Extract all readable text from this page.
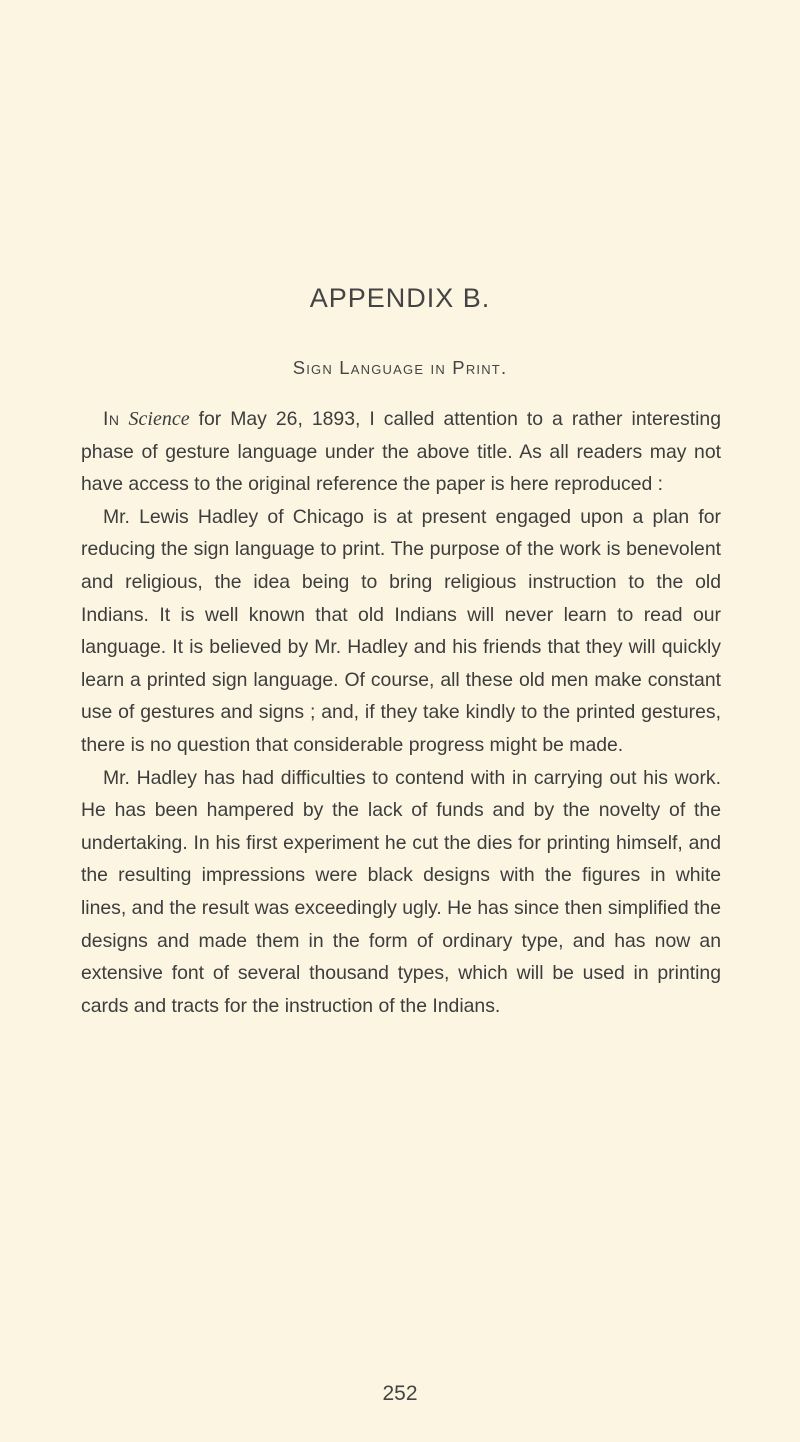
APPENDIX B.
Sign Language in Print.

In Science for May 26, 1893, I called attention to a rather interesting phase of gesture language under the above title. As all readers may not have access to the original reference the paper is here reproduced :

Mr. Lewis Hadley of Chicago is at present engaged upon a plan for reducing the sign language to print. The purpose of the work is benevolent and religious, the idea being to bring religious instruction to the old Indians. It is well known that old Indians will never learn to read our language. It is believed by Mr. Hadley and his friends that they will quickly learn a printed sign language. Of course, all these old men make constant use of gestures and signs ; and, if they take kindly to the printed gestures, there is no question that considerable progress might be made.

Mr. Hadley has had difficulties to contend with in carrying out his work. He has been hampered by the lack of funds and by the novelty of the undertaking. In his first experiment he cut the dies for printing himself, and the resulting impressions were black designs with the figures in white lines, and the result was exceedingly ugly. He has since then simplified the designs and made them in the form of ordinary type, and has now an extensive font of several thousand types, which will be used in printing cards and tracts for the instruction of the Indians.

252
